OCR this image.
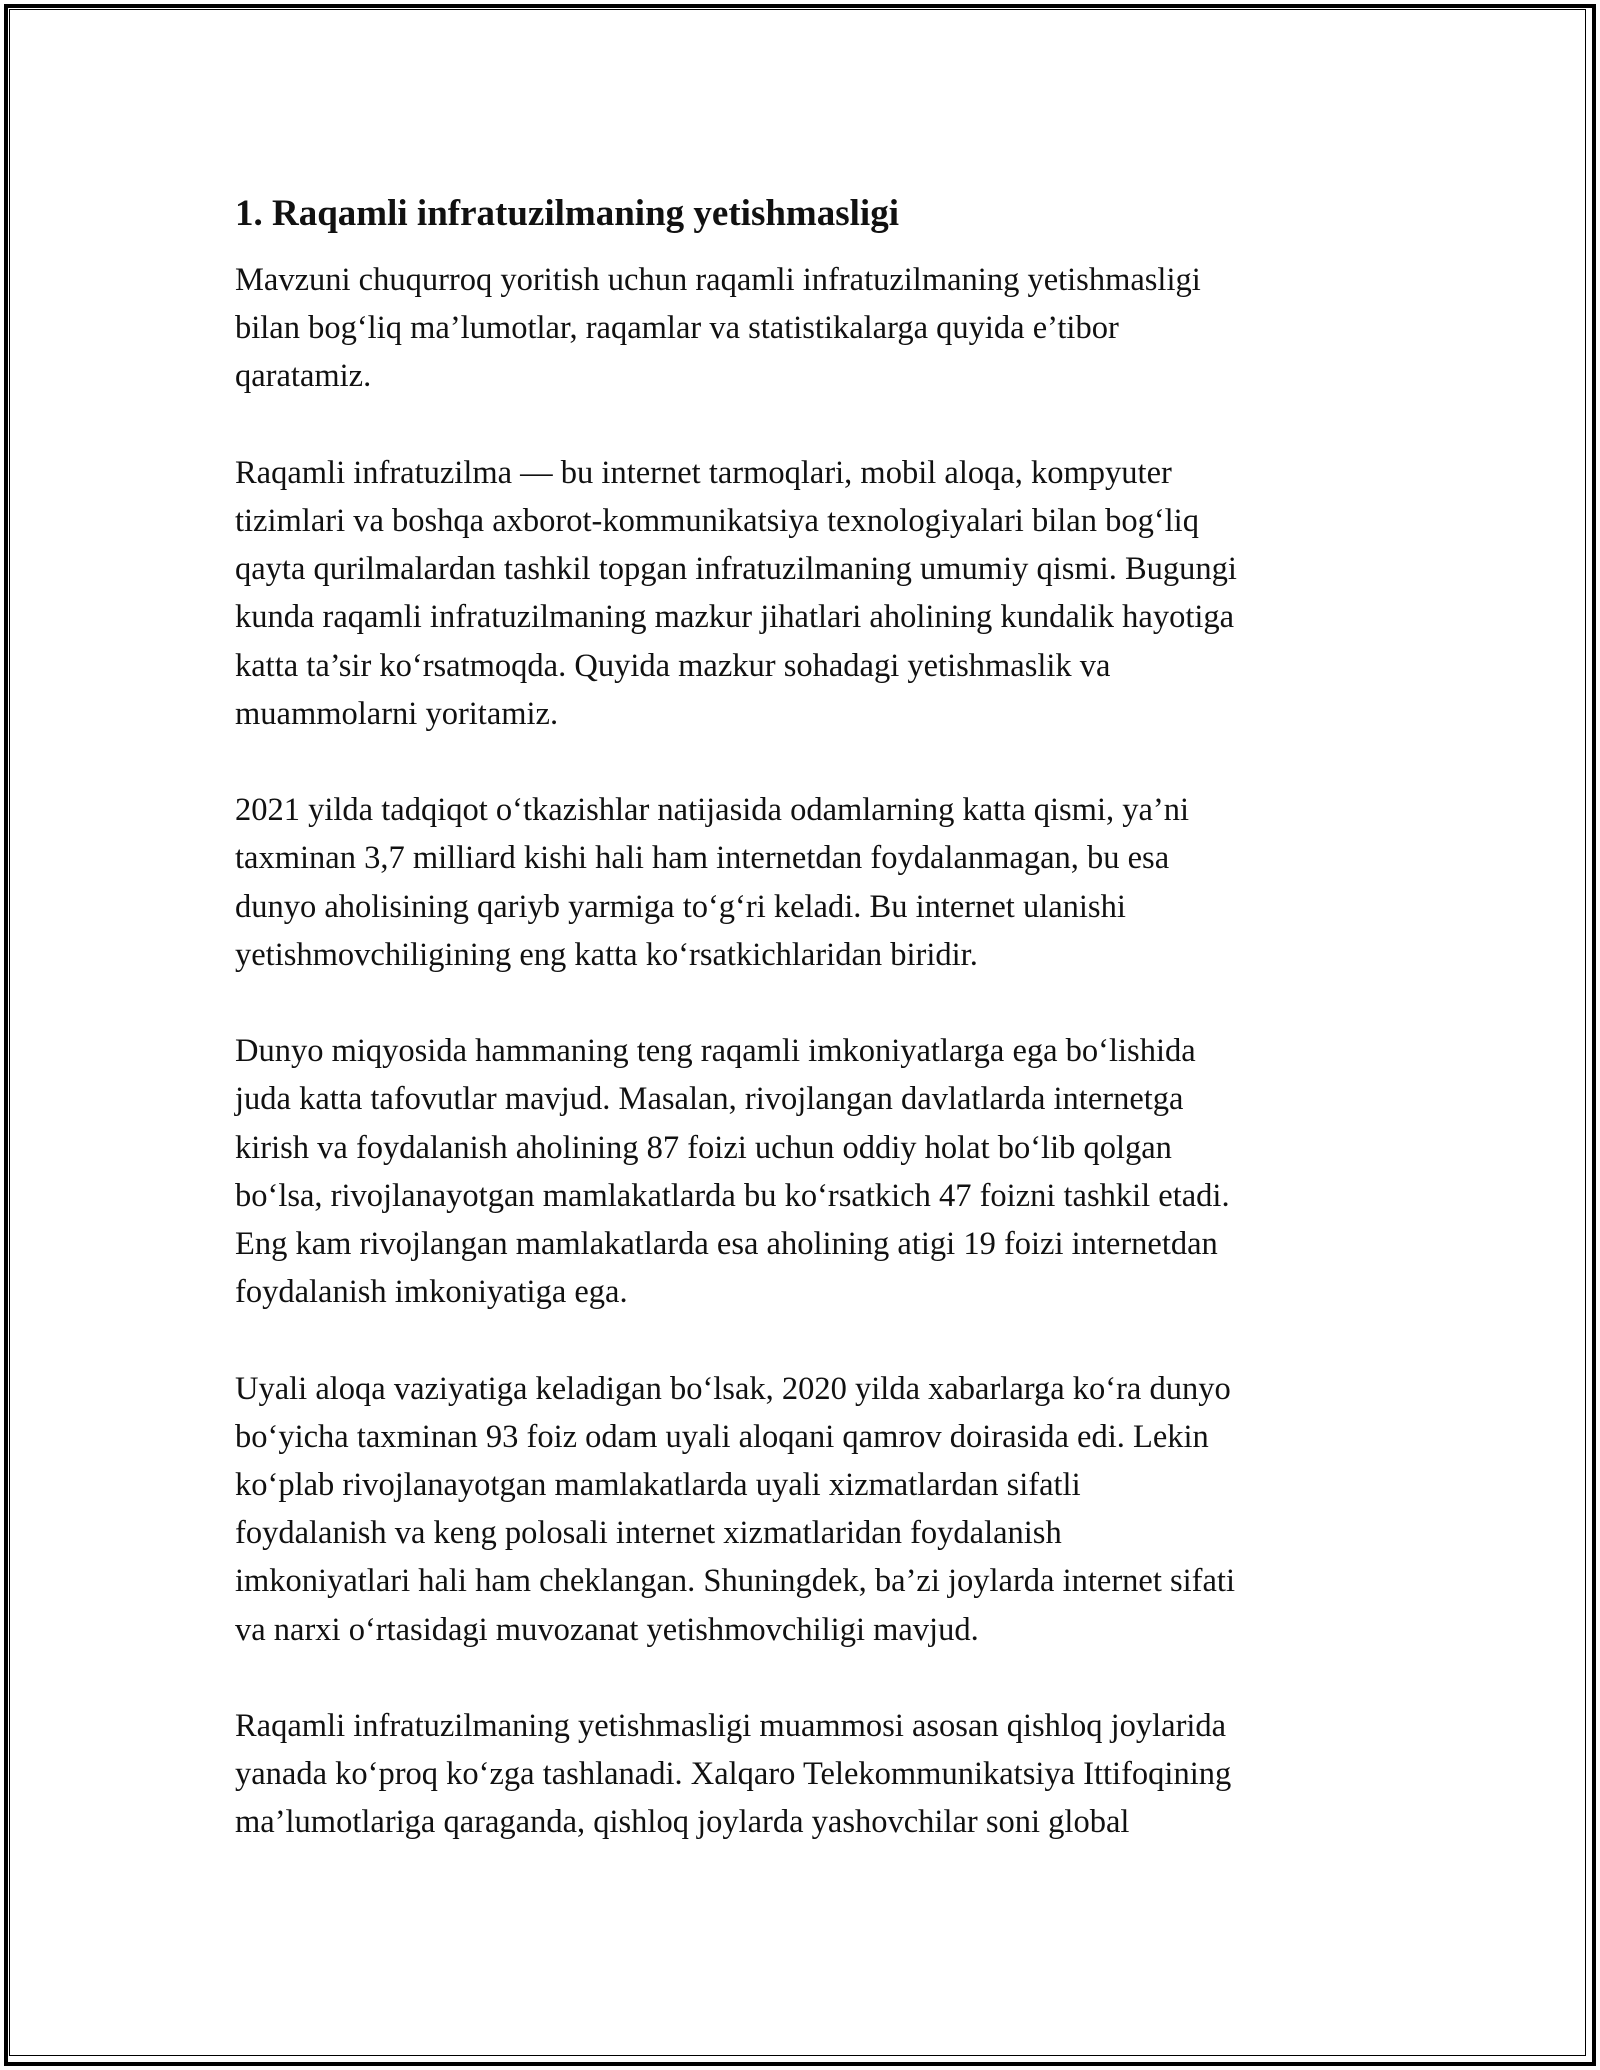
1. Raqamli infratuzilmaning yetishmasligi
Mavzuni chuqurroq yoritish uchun raqamli infratuzilmaning yetishmasligi
bilan bog‘liq ma’lumotlar, raqamlar va statistikalarga quyida e’tibor
qaratamiz.
Raqamli infratuzilma — bu internet tarmoqlari, mobil aloqa, kompyuter
tizimlari va boshqa axborot-kommunikatsiya texnologiyalari bilan bog‘liq
qayta qurilmalardan tashkil topgan infratuzilmaning umumiy qismi. Bugungi
kunda raqamli infratuzilmaning mazkur jihatlari aholining kundalik hayotiga
katta ta’sir ko‘rsatmoqda. Quyida mazkur sohadagi yetishmaslik va
muammolarni yoritamiz.
2021 yilda tadqiqot o‘tkazishlar natijasida odamlarning katta qismi, ya’ni
taxminan 3,7 milliard kishi hali ham internetdan foydalanmagan, bu esa
dunyo aholisining qariyb yarmiga to‘g‘ri keladi. Bu internet ulanishi
yetishmovchiligining eng katta ko‘rsatkichlaridan biridir.
Dunyo miqyosida hammaning teng raqamli imkoniyatlarga ega bo‘lishida
juda katta tafovutlar mavjud. Masalan, rivojlangan davlatlarda internetga
kirish va foydalanish aholining 87 foizi uchun oddiy holat bo‘lib qolgan
bo‘lsa, rivojlanayotgan mamlakatlarda bu ko‘rsatkich 47 foizni tashkil etadi.
Eng kam rivojlangan mamlakatlarda esa aholining atigi 19 foizi internetdan
foydalanish imkoniyatiga ega.
Uyali aloqa vaziyatiga keladigan bo‘lsak, 2020 yilda xabarlarga ko‘ra dunyo
bo‘yicha taxminan 93 foiz odam uyali aloqani qamrov doirasida edi. Lekin
ko‘plab rivojlanayotgan mamlakatlarda uyali xizmatlardan sifatli
foydalanish va keng polosali internet xizmatlaridan foydalanish
imkoniyatlari hali ham cheklangan. Shuningdek, ba’zi joylarda internet sifati
va narxi o‘rtasidagi muvozanat yetishmovchiligi mavjud.
Raqamli infratuzilmaning yetishmasligi muammosi asosan qishloq joylarida
yanada ko‘proq ko‘zga tashlanadi. Xalqaro Telekommunikatsiya Ittifoqining
ma’lumotlariga qaraganda, qishloq joylarda yashovchilar soni global
